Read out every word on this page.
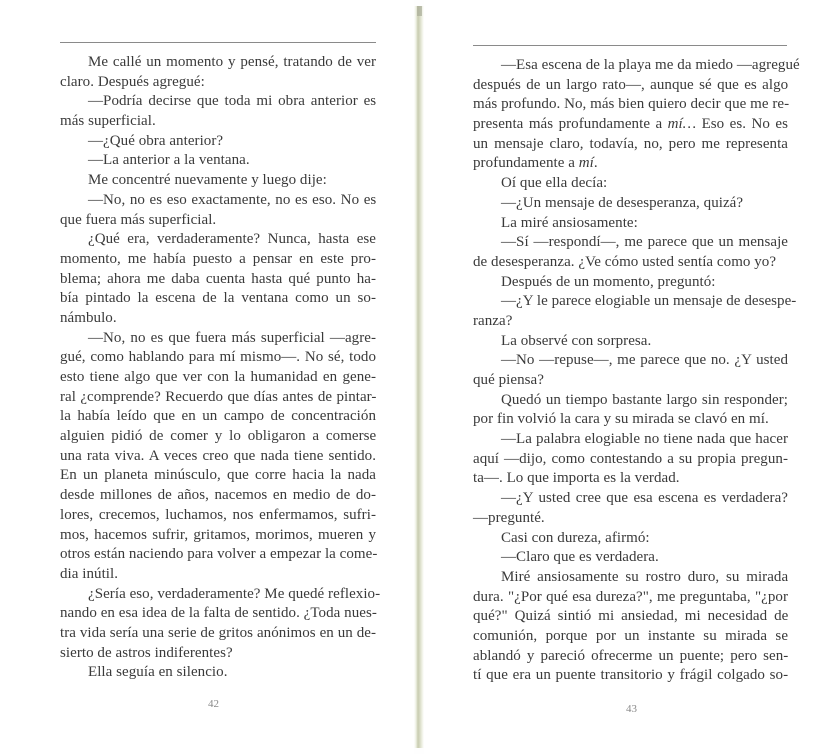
Me callé un momento y pensé, tratando de ver
claro. Después agregué:
—Podría decirse que toda mi obra anterior es
más superficial.
—¿Qué obra anterior?
—La anterior a la ventana.
Me concentré nuevamente y luego dije:
—No, no es eso exactamente, no es eso. No es
que fuera más superficial.
¿Qué era, verdaderamente? Nunca, hasta ese
momento, me había puesto a pensar en este pro-
blema; ahora me daba cuenta hasta qué punto ha-
bía pintado la escena de la ventana como un so-
námbulo.
—No, no es que fuera más superficial —agre-
gué, como hablando para mí mismo—. No sé, todo
esto tiene algo que ver con la humanidad en gene-
ral ¿comprende? Recuerdo que días antes de pintar-
la había leído que en un campo de concentración
alguien pidió de comer y lo obligaron a comerse
una rata viva. A veces creo que nada tiene sentido.
En un planeta minúsculo, que corre hacia la nada
desde millones de años, nacemos en medio de do-
lores, crecemos, luchamos, nos enfermamos, sufri-
mos, hacemos sufrir, gritamos, morimos, mueren y
otros están naciendo para volver a empezar la come-
dia inútil.
¿Sería eso, verdaderamente? Me quedé reflexio-
nando en esa idea de la falta de sentido. ¿Toda nues-
tra vida sería una serie de gritos anónimos en un de-
sierto de astros indiferentes?
Ella seguía en silencio.
42
—Esa escena de la playa me da miedo —agregué
después de un largo rato—, aunque sé que es algo
más profundo. No, más bien quiero decir que me re-
presenta más profundamente a mí… Eso es. No es
un mensaje claro, todavía, no, pero me representa
profundamente a mí.
Oí que ella decía:
—¿Un mensaje de desesperanza, quizá?
La miré ansiosamente:
—Sí —respondí—, me parece que un mensaje
de desesperanza. ¿Ve cómo usted sentía como yo?
Después de un momento, preguntó:
—¿Y le parece elogiable un mensaje de desespe-
ranza?
La observé con sorpresa.
—No —repuse—, me parece que no. ¿Y usted
qué piensa?
Quedó un tiempo bastante largo sin responder;
por fin volvió la cara y su mirada se clavó en mí.
—La palabra elogiable no tiene nada que hacer
aquí —dijo, como contestando a su propia pregun-
ta—. Lo que importa es la verdad.
—¿Y usted cree que esa escena es verdadera?
—pregunté.
Casi con dureza, afirmó:
—Claro que es verdadera.
Miré ansiosamente su rostro duro, su mirada
dura. "¿Por qué esa dureza?", me preguntaba, "¿por
qué?" Quizá sintió mi ansiedad, mi necesidad de
comunión, porque por un instante su mirada se
ablandó y pareció ofrecerme un puente; pero sen-
tí que era un puente transitorio y frágil colgado so-
43
